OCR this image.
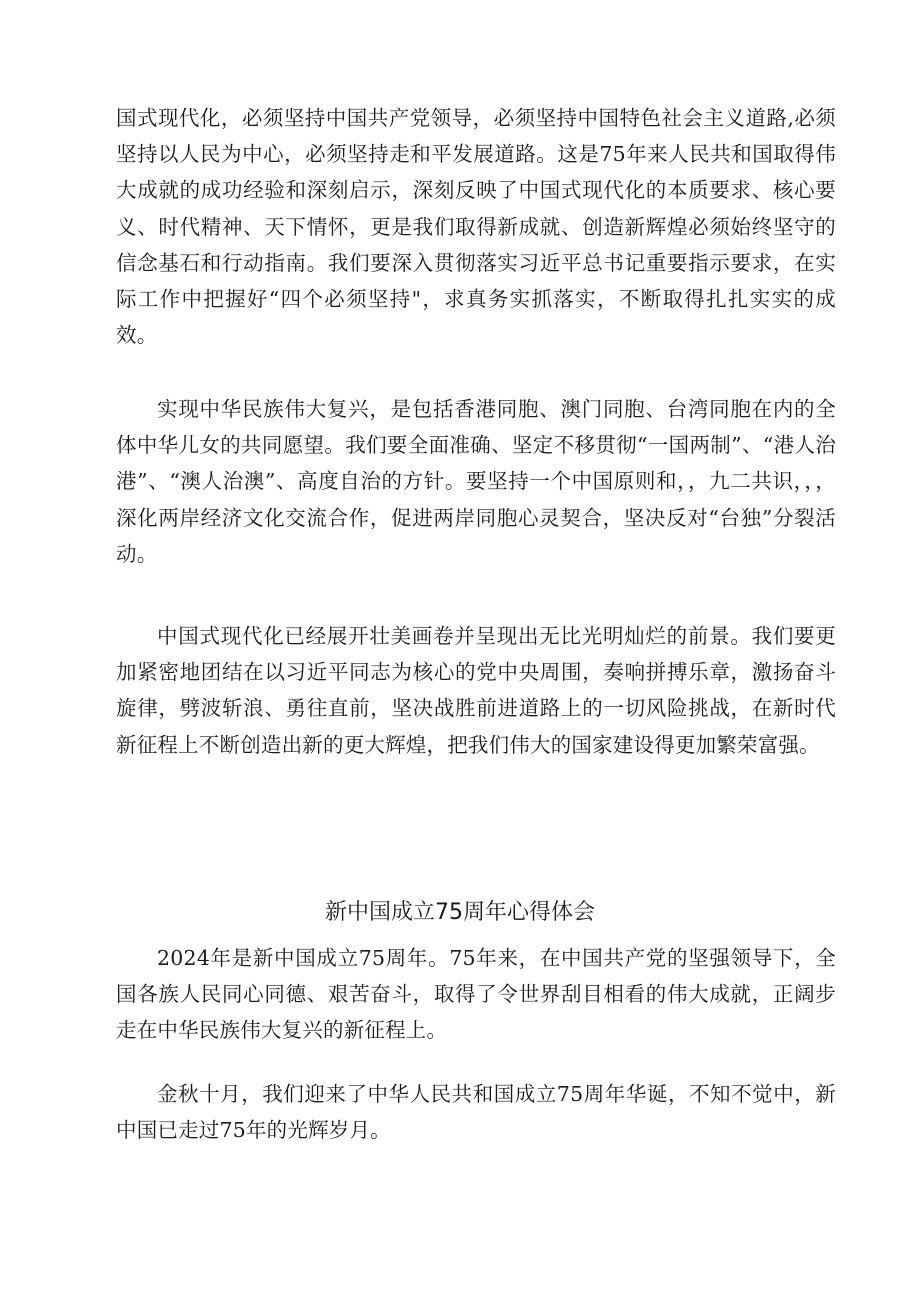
国式现代化，必须坚持中国共产党领导，必须坚持中国特色社会主义道路,必须坚持以人民为中心，必须坚持走和平发展道路。这是75年来人民共和国取得伟大成就的成功经验和深刻启示，深刻反映了中国式现代化的本质要求、核心要义、时代精神、天下情怀，更是我们取得新成就、创造新辉煌必须始终坚守的信念基石和行动指南。我们要深入贯彻落实习近平总书记重要指示要求，在实际工作中把握好“四个必须坚持"，求真务实抓落实，不断取得扎扎实实的成效。

实现中华民族伟大复兴，是包括香港同胞、澳门同胞、台湾同胞在内的全体中华儿女的共同愿望。我们要全面准确、坚定不移贯彻“一国两制”、“港人治港”、“澳人治澳”、高度自治的方针。要坚持一个中国原则和，，九二共识，，，深化两岸经济文化交流合作，促进两岸同胞心灵契合，坚决反对“台独”分裂活动。

中国式现代化已经展开壮美画卷并呈现出无比光明灿烂的前景。我们要更加紧密地团结在以习近平同志为核心的党中央周围，奏响拼搏乐章，激扬奋斗旋律，劈波斩浪、勇往直前，坚决战胜前进道路上的一切风险挑战，在新时代新征程上不断创造出新的更大辉煌，把我们伟大的国家建设得更加繁荣富强。

新中国成立75周年心得体会

2024年是新中国成立75周年。75年来，在中国共产党的坚强领导下，全国各族人民同心同德、艰苦奋斗，取得了令世界刮目相看的伟大成就，正阔步走在中华民族伟大复兴的新征程上。

金秋十月，我们迎来了中华人民共和国成立75周年华诞，不知不觉中，新中国已走过75年的光辉岁月。
